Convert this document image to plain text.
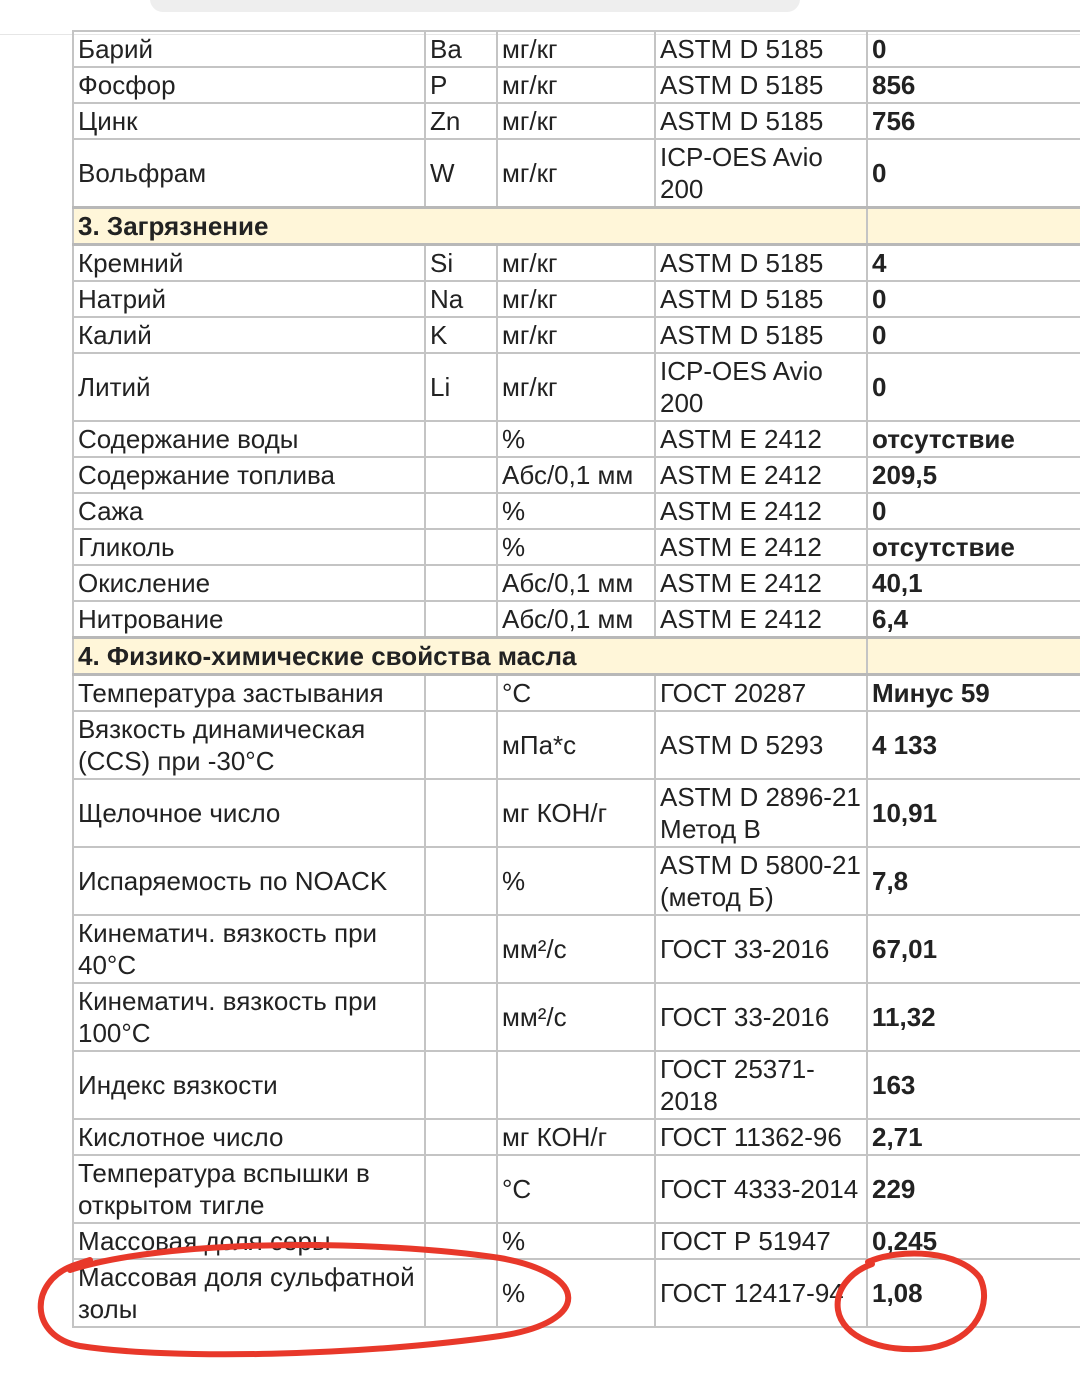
Барий	Ba	мг/кг	ASTM D 5185	0
Фосфор	P	мг/кг	ASTM D 5185	856
Цинк	Zn	мг/кг	ASTM D 5185	756
Вольфрам	W	мг/кг	ICP-OES Avio 200	0
3. Загрязнение				
Кремний	Si	мг/кг	ASTM D 5185	4
Натрий	Na	мг/кг	ASTM D 5185	0
Калий	K	мг/кг	ASTM D 5185	0
Литий	Li	мг/кг	ICP-OES Avio 200	0
Содержание воды		%	ASTM E 2412	отсутствие
Содержание топлива		Абс/0,1 мм	ASTM E 2412	209,5
Сажа		%	ASTM E 2412	0
Гликоль		%	ASTM E 2412	отсутствие
Окисление		Абс/0,1 мм	ASTM E 2412	40,1
Нитрование		Абс/0,1 мм	ASTM E 2412	6,4
4. Физико-химические свойства масла				
Температура застывания		°С	ГОСТ 20287	Минус 59
Вязкость динамическая (CCS) при -30°С		мПа*с	ASTM D 5293	4 133
Щелочное число		мг КОН/г	ASTM D 2896-21 Метод В	10,91
Испаряемость по NOACK		%	ASTM D 5800-21 (метод Б)	7,8
Кинематич. вязкость при 40°С		мм²/с	ГОСТ 33-2016	67,01
Кинематич. вязкость при 100°С		мм²/с	ГОСТ 33-2016	11,32
Индекс вязкости			ГОСТ 25371-2018	163
Кислотное число		мг КОН/г	ГОСТ 11362-96	2,71
Температура вспышки в открытом тигле		°С	ГОСТ 4333-2014	229
Массовая доля серы		%	ГОСТ Р 51947	0,245
Массовая доля сульфатной золы		%	ГОСТ 12417-94	1,08
